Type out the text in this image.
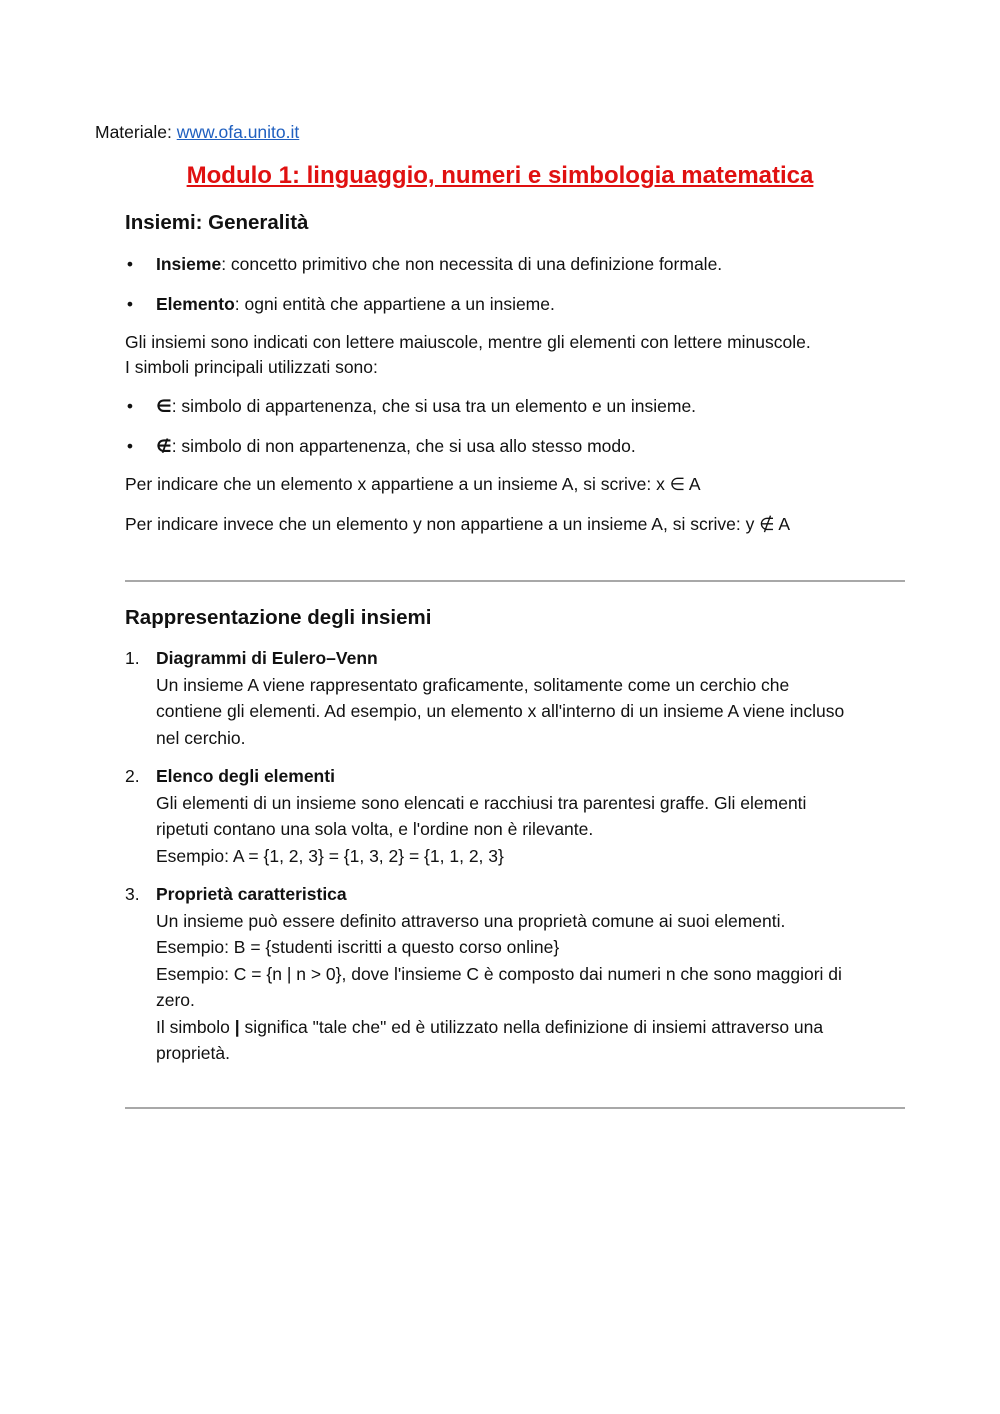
Materiale: www.ofa.unito.it
Modulo 1: linguaggio, numeri e simbologia matematica
Insiemi: Generalità
• Insieme: concetto primitivo che non necessita di una definizione formale.
• Elemento: ogni entità che appartiene a un insieme.

Gli insiemi sono indicati con lettere maiuscole, mentre gli elementi con lettere minuscole.
I simboli principali utilizzati sono:

• ∈: simbolo di appartenenza, che si usa tra un elemento e un insieme.
• ∉: simbolo di non appartenenza, che si usa allo stesso modo.

Per indicare che un elemento x appartiene a un insieme A, si scrive: x ∈ A

Per indicare invece che un elemento y non appartiene a un insieme A, si scrive: y ∉ A

Rappresentazione degli insiemi
1. Diagrammi di Eulero–Venn
Un insieme A viene rappresentato graficamente, solitamente come un cerchio che
contiene gli elementi. Ad esempio, un elemento x all'interno di un insieme A viene incluso
nel cerchio.
2. Elenco degli elementi
Gli elementi di un insieme sono elencati e racchiusi tra parentesi graffe. Gli elementi
ripetuti contano una sola volta, e l'ordine non è rilevante.
Esempio: A = {1, 2, 3} = {1, 3, 2} = {1, 1, 2, 3}
3. Proprietà caratteristica
Un insieme può essere definito attraverso una proprietà comune ai suoi elementi.
Esempio: B = {studenti iscritti a questo corso online}
Esempio: C = {n | n > 0}, dove l'insieme C è composto dai numeri n che sono maggiori di
zero.
Il simbolo | significa "tale che" ed è utilizzato nella definizione di insiemi attraverso una
proprietà.
